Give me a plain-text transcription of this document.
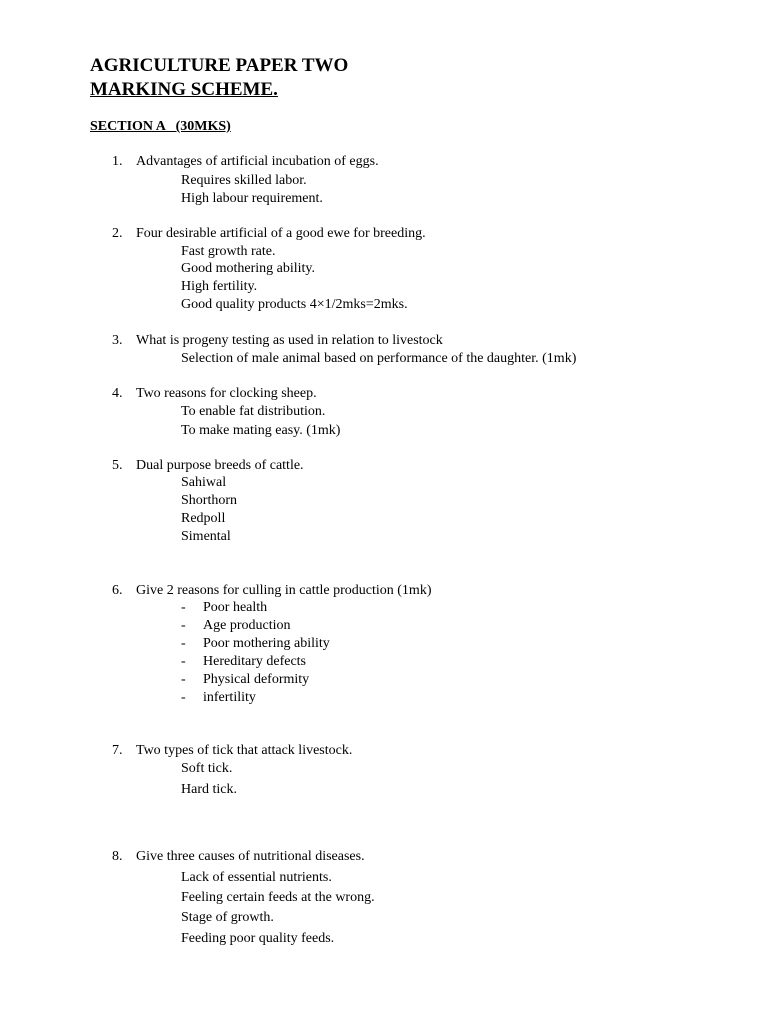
AGRICULTURE PAPER TWO
MARKING SCHEME.
SECTION A   (30MKS)
1. Advantages of artificial incubation of eggs.
Requires skilled labor.
High labour requirement.
2. Four desirable artificial of a good ewe for breeding.
Fast growth rate.
Good mothering ability.
High fertility.
Good quality products 4×1/2mks=2mks.
3. What is progeny testing as used in relation to livestock
Selection of male animal based on performance of the daughter. (1mk)
4. Two reasons for clocking sheep.
To enable fat distribution.
To make mating easy. (1mk)
5. Dual purpose breeds of cattle.
Sahiwal
Shorthorn
Redpoll
Simental
6. Give 2 reasons for culling in cattle production (1mk)
- Poor health
- Age production
- Poor mothering ability
- Hereditary defects
- Physical deformity
- infertility
7. Two types of tick that attack livestock.
Soft tick.
Hard tick.
8. Give three causes of nutritional diseases.
Lack of essential nutrients.
Feeling certain feeds at the wrong.
Stage of growth.
Feeding poor quality feeds.
